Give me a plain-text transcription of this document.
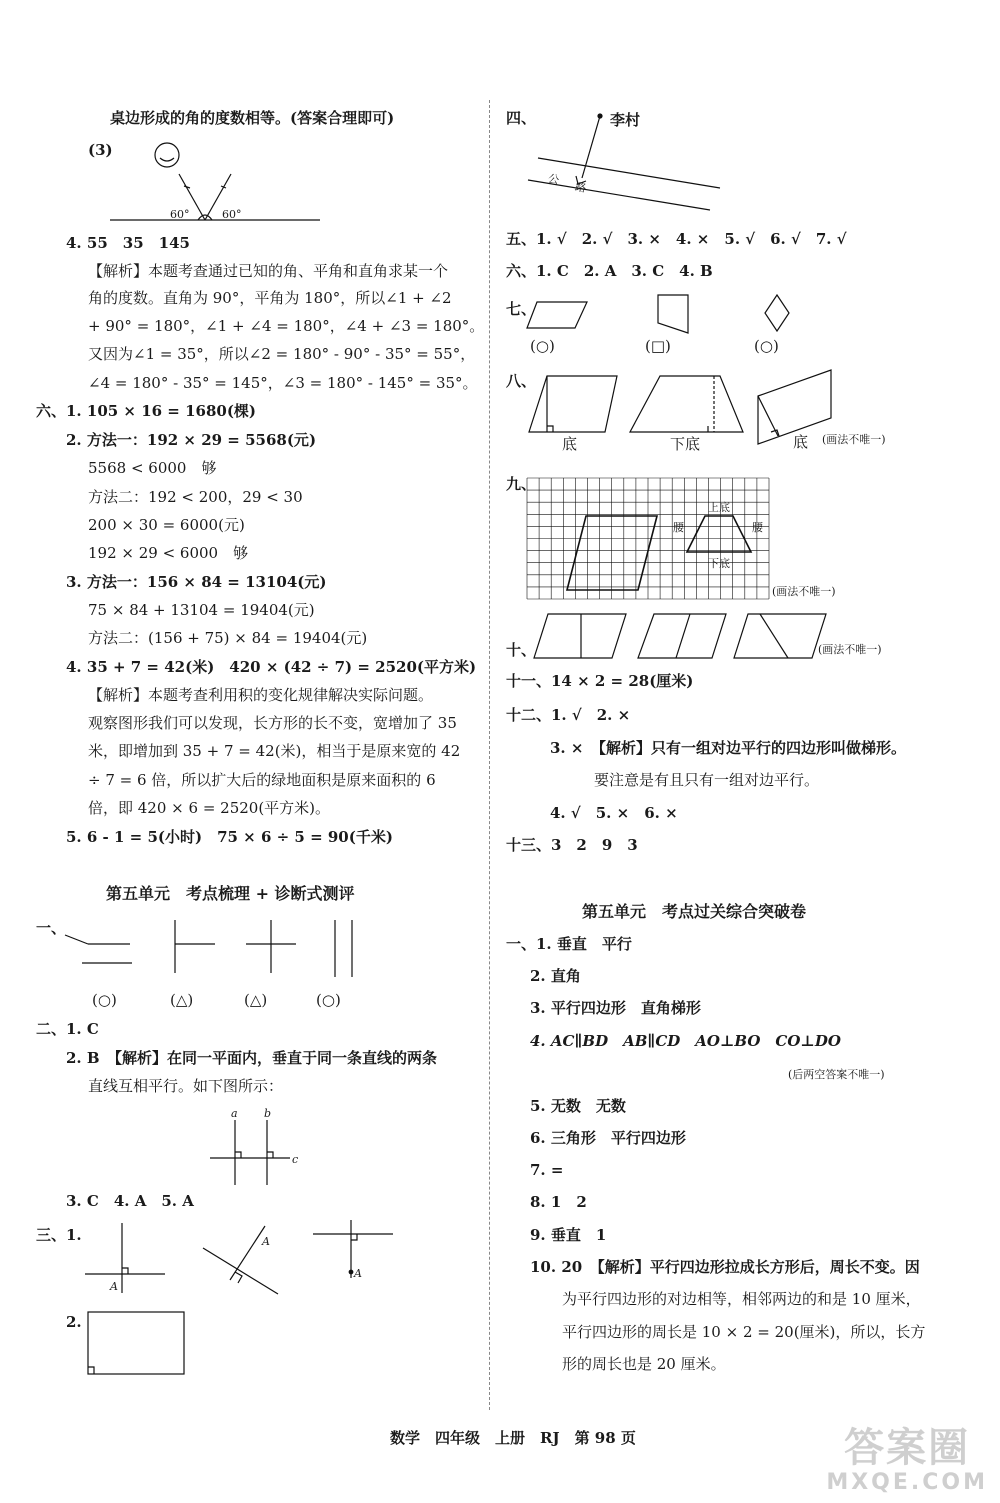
桌边形成的角的度数相等。(答案合理即可)
(3)
60°	60°
4. 55　35　145
【解析】本题考查通过已知的角、平角和直角求某一个
角的度数。直角为 90°，平角为 180°，所以∠1 + ∠2
+ 90° = 180°，∠1 + ∠4 = 180°，∠4 + ∠3 = 180°。
又因为∠1 = 35°，所以∠2 = 180° - 90° - 35° = 55°，
∠4 = 180° - 35° = 145°，∠3 = 180° - 145° = 35°。
六、1. 105 × 16 = 1680(棵)
2. 方法一：192 × 29 = 5568(元)
5568 < 6000　够
方法二：192 < 200，29 < 30
200 × 30 = 6000(元)
192 × 29 < 6000　够
3. 方法一：156 × 84 = 13104(元)
75 × 84 + 13104 = 19404(元)
方法二：(156 + 75) × 84 = 19404(元)
4. 35 + 7 = 42(米)　420 × (42 ÷ 7) = 2520(平方米)
【解析】本题考查利用积的变化规律解决实际问题。
观察图形我们可以发现，长方形的长不变，宽增加了 35
米，即增加到 35 + 7 = 42(米)，相当于是原来宽的 42
÷ 7 = 6 倍，所以扩大后的绿地面积是原来面积的 6
倍，即 420 × 6 = 2520(平方米)。
5. 6 - 1 = 5(小时)　75 × 6 ÷ 5 = 90(千米)
第五单元　考点梳理 + 诊断式测评
一、
(○)	(△)	(△)	(○)
二、1. C
2. B　【解析】在同一平面内，垂直于同一条直线的两条
直线互相平行。如下图所示：
a b
c
3. C　4. A　5. A
三、1.
A
A
A
2.
四、	李村
公
路
五、1. √　2. √　3. ×　4. ×　5. √　6. √　7. √
六、1. C　2. A　3. C　4. B
七、
(○)	(□)	(○)
八、
底	下底	底 (画法不唯一)
九、
上底
腰	腰
下底
(画法不唯一)
十、	(画法不唯一)
十一、14 × 2 = 28(厘米)
十二、1. √　2. ×
3. ×　【解析】只有一组对边平行的四边形叫做梯形。
要注意是有且只有一组对边平行。
4. √　5. ×　6. ×
十三、3　2　9　3
第五单元　考点过关综合突破卷
一、1. 垂直　平行
2. 直角
3. 平行四边形　直角梯形
4. AC∥BD　AB∥CD　AO⊥BO　CO⊥DO
(后两空答案不唯一)
5. 无数　无数
6. 三角形　平行四边形
7. =
8. 1　2
9. 垂直　1
10. 20　【解析】平行四边形拉成长方形后，周长不变。因
为平行四边形的对边相等，相邻两边的和是 10 厘米，
平行四边形的周长是 10 × 2 = 20(厘米)，所以，长方
形的周长也是 20 厘米。
数学　四年级　上册　RJ　第 98 页	答案圈
MXQE.COM
